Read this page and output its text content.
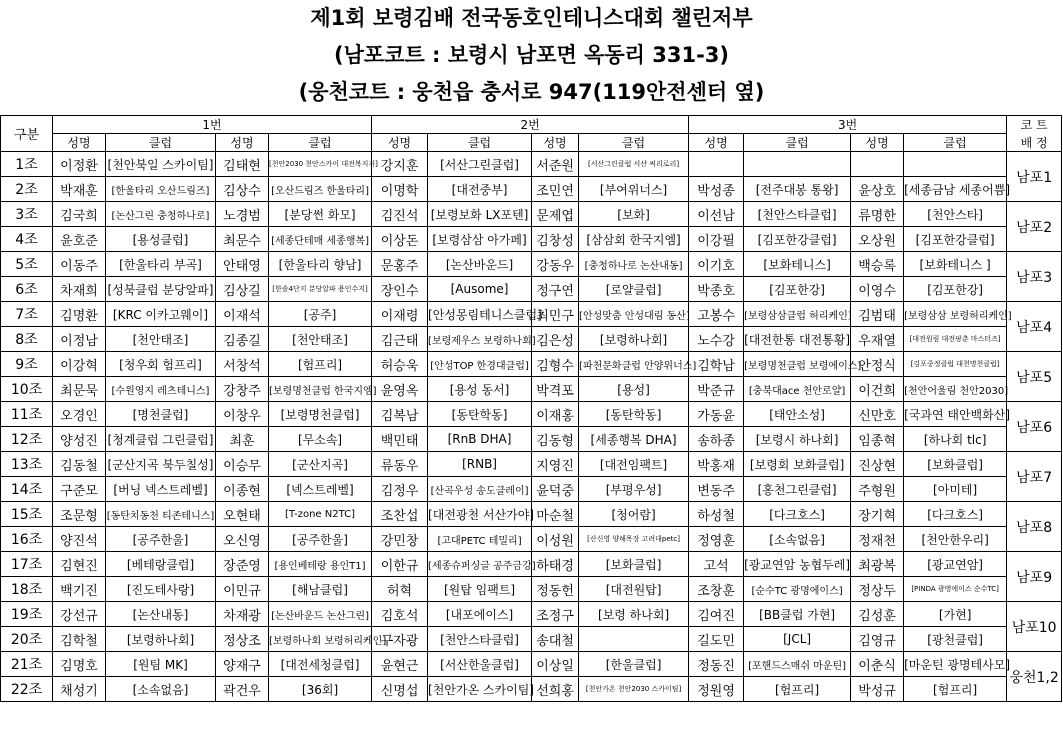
제1회 보령김배 전국동호인테니스대회 챌린저부
(남포코트 : 보령시 남포면 옥동리 331-3)
(웅천코트 : 웅천읍 충서로 947(119안전센터 옆)
구분	1번				2번				3번				코 트
	성명	클럽	성명	클럽	성명	클럽	성명	클럽	성명	클럽	성명	클럽	배 정
1조	이정환	[천안북일 스카이팀]	김태현	[천안2030 천안스카이 대전복지거]	강지훈	[서산그린클럽]	서준원	[서산그린클럽 서산 써리로리]					남포1
2조	박재훈	[한울타리 오산드림즈]	김상수	[오산드림즈 한울타리]	이명학	[대전중부]	조민연	[부여위너스]	박성종	[전주대봉 통왕]	윤상호	[세종금남 세종어쁨]	
3조	김국희	[논산그린 충청하나로]	노경범	[분당썬 화모]	김진석	[보령보화 LX포텐]	문제엽	[보화]	이선남	[천안스타클럽]	류명한	[천안스타]	남포2
4조	윤호준	[용성클럽]	최문수	[세종단테매 세종행복]	이상돈	[보령삼삼 아가페]	김창성	[삼삼회 한국지엠]	이강필	[김포한강클럽]	오상원	[김포한강클럽]	
5조	이동주	[한울타리 부곡]	안태영	[한울타리 향남]	문홍주	[논산바운드]	강동우	[충청하나로 논산내동]	이기호	[보화테니스]	백승록	[보화테니스 ]	남포3
6조	차재희	[성북클럽 분당알파]	김상길	[한솔4단지 분당알파 용인수지]	장인수	[Ausome]	정구연	[로얄클럽]	박종호	[김포한강]	이영수	[김포한강]	
7조	김명환	[KRC 이카고웨이]	이재석	[공주]	이재령	[안성몽림테니스클럽]	최민구	[안성맞춤 안성대림 동산]	고봉수	[보령삼삼클럽 허리케인]	김범태	[보령삼삼 보령허리케인]	남포4
8조	이정남	[천안태조]	김종길	[천안태조]	김근태	[보령제우스 보령하나회]	김은성	[보령하나회]	노수강	[대전한통 대전통황]	우재열	[대전원림 대전팡춘 마스터즈]	
9조	이강혁	[청우회 험프리]	서창석	[험프리]	허승욱	[안성TOP 한경대클럽]	김형수	[파천문화클럽 안양위너스]	김학남	[보령명천클럽 보령에이스]	안정식	[김포중정클럽 대천명천클럽]	남포5
10조	최문묵	[수원영지 레츠테니스]	강창주	[보령명천클럽 한국지엠]	윤영옥	[용성 동서]	박격포	[용성]	박준규	[충북대ace 천안로얄]	이건희	[천안어울림 천안2030]	
11조	오경인	[명천클럽]	이창우	[보령명천클럽]	김복남	[동탄학동]	이재홍	[동탄학동]	가동윤	[태안소성]	신만호	[국과연 태안백화산]	남포6
12조	양성진	[청계클럽 그린클럽]	최훈	[무소속]	백민태	[RnB DHA]	김동형	[세종행복 DHA]	송하종	[보령시 하나회]	임종혁	[하나회 tlc]	
13조	김동철	[군산지곡 북두칠성]	이승무	[군산지곡]	류동우	[RNB]	지영진	[대전임팩트]	박홍재	[보령회 보화클럽]	진상현	[보화클럽]	남포7
14조	구준모	[버닝 넥스트레벨]	이종현	[넥스트레벨]	김정우	[산곡우성 송도클레이]	윤덕중	[부평우성]	변동주	[홍천그린클럽]	주형원	[아미테]	
15조	조문형	[동탄치동천 티존테니스]	오현태	[T-zone N2TC]	조찬섭	[대전광천 서산가야]	마순철	[청어람]	하성철	[다크호스]	장기혁	[다크호스]	남포8
16조	양진석	[공주한울]	오신영	[공주한울]	강민창	[고대PETC 테밀리]	이성원	[산신영 양해목장 고려대petc]	정영훈	[소속없음]	정재천	[천안한우리]	
17조	김현진	[베테랑클럽]	장준영	[용인베테랑 용인T1]	이한규	[세종슈퍼싱글 공주금강]	하태경	[보화클럽]	고석	[광교연암 농협두레]	최광복	[광교연암]	남포9
18조	백기진	[진도테사랑]	이민규	[해남클럽]	허혁	[원탑 임팩트]	정동헌	[대전원탑]	조창훈	[순수TC 광명에이스]	정상두	[PINDA 광명에이스 순수TC]	
19조	강선규	[논산내동]	차재광	[논산바운드 논산그린]	김호석	[내포에이스]	조정구	[보령 하나회]	김여진	[BB클럽 가현]	김성훈	[가현]	남포10
20조	김학철	[보령하나회]	정상조	[보령하나회 보령허리케인]	구자광	[천안스타클럽]	송대철		길도민	[JCL]	김영규	[광천클럽]	
21조	김명호	[원팀 MK]	양재구	[대전세청클럽]	윤현근	[서산한울클럽]	이상일	[한울클럽]	정동진	[포핸드스매쉬 마운틴]	이춘식	[마운틴 광명테사모]	웅천1,2
22조	채성기	[소속없음]	곽건우	[36회]	신명섭	[천안가온 스카이팀]	선희홍	[천안가온 천안2030 스카이팀]	정원영	[험프리]	박성규	[험프리]	
